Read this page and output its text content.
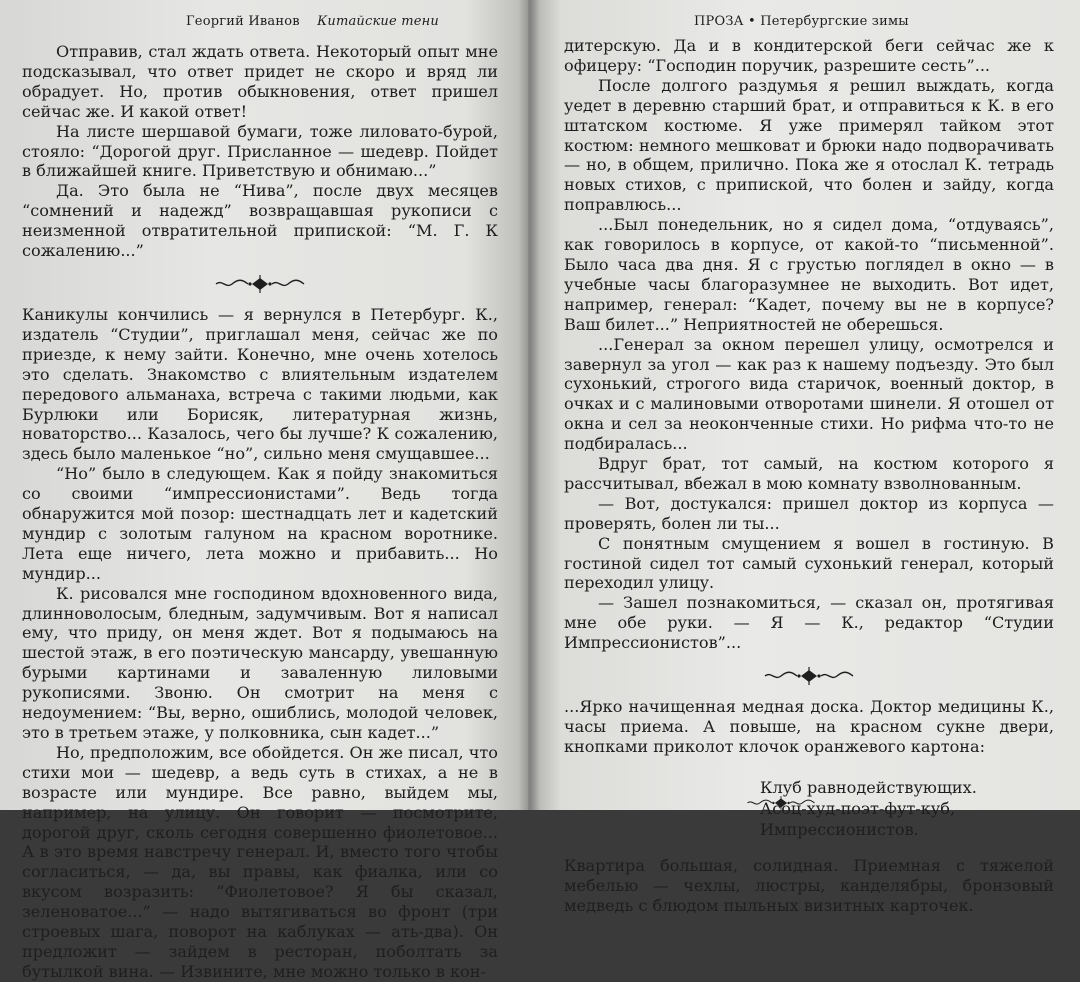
Георгий Иванов Китайские тени

Отправив, стал ждать ответа. Некоторый опыт мне подсказывал, что ответ придет не скоро и вряд ли обрадует. Но, против обыкновения, ответ пришел сейчас же. И какой ответ!

На листе шершавой бумаги, тоже лиловато-бурой, стояло: “Дорогой друг. Присланное — шедевр. Пойдет в ближайшей книге. Приветствую и обнимаю...”

Да. Это была не “Нива”, после двух месяцев “сомнений и надежд” возвращавшая рукописи с неизменной отвратительной припиской: “М. Г. К сожалению...”

Каникулы кончились — я вернулся в Петербург. К., издатель “Студии”, приглашал меня, сейчас же по приезде, к нему зайти. Конечно, мне очень хотелось это сделать. Знакомство с влиятельным издателем передового альманаха, встреча с такими людьми, как Бурлюки или Борисяк, литературная жизнь, новаторство... Казалось, чего бы лучше? К сожалению, здесь было маленькое “но”, сильно меня смущавшее...

“Но” было в следующем. Как я пойду знакомиться со своими “импрессионистами”. Ведь тогда обнаружится мой позор: шестнадцать лет и кадетский мундир с золотым галуном на красном воротнике. Лета еще ничего, лета можно и прибавить... Но мундир...

К. рисовался мне господином вдохновенного вида, длинноволосым, бледным, задумчивым. Вот я написал ему, что приду, он меня ждет. Вот я подымаюсь на шестой этаж, в его поэтическую мансарду, увешанную бурыми картинами и заваленную лиловыми рукописями. Звоню. Он смотрит на меня с недоумением: “Вы, верно, ошиблись, молодой человек, это в третьем этаже, у полковника, сын кадет...”

Но, предположим, все обойдется. Он же писал, что стихи мои — шедевр, а ведь суть в стихах, а не в возрасте или мундире. Все равно, выйдем мы, например, на улицу. Он говорит — посмотрите, дорогой друг, сколь сегодня совершенно фиолетовое... А в это время навстречу генерал. И, вместо того чтобы согласиться, — да, вы правы, как фиалка, или со вкусом возразить: “Фиолетовое? Я бы сказал, зеленоватое...” — надо вытягиваться во фронт (три строевых шага, поворот на каблуках — ать-два). Он предложит — зайдем в ресторан, поболтать за бутылкой вина. — Извините, мне можно только в кон-

ПРОЗА • Петербургские зимы

дитерскую. Да и в кондитерской беги сейчас же к офицеру: “Господин поручик, разрешите сесть”...

После долгого раздумья я решил выждать, когда уедет в деревню старший брат, и отправиться к К. в его штатском костюме. Я уже примерял тайком этот костюм: немного мешковат и брюки надо подворачивать — но, в общем, прилично. Пока же я отослал К. тетрадь новых стихов, с припиской, что болен и зайду, когда поправлюсь...

...Был понедельник, но я сидел дома, “отдуваясь”, как говорилось в корпусе, от какой-то “письменной”. Было часа два дня. Я с грустью поглядел в окно — в учебные часы благоразумнее не выходить. Вот идет, например, генерал: “Кадет, почему вы не в корпусе? Ваш билет...” Неприятностей не оберешься.

...Генерал за окном перешел улицу, осмотрелся и завернул за угол — как раз к нашему подъезду. Это был сухонький, строгого вида старичок, военный доктор, в очках и с малиновыми отворотами шинели. Я отошел от окна и сел за неоконченные стихи. Но рифма что-то не подбиралась...

Вдруг брат, тот самый, на костюм которого я рассчитывал, вбежал в мою комнату взволнованным.

— Вот, достукался: пришел доктор из корпуса — проверять, болен ли ты...

С понятным смущением я вошел в гостиную. В гостиной сидел тот самый сухонький генерал, который переходил улицу.

— Зашел познакомиться, — сказал он, протягивая мне обе руки. — Я — К., редактор “Студии Импрессионистов”...

...Ярко начищенная медная доска. Доктор медицины К., часы приема. А повыше, на красном сукне двери, кнопками приколот клочок оранжевого картона:

Клуб равнодействующих.
Асоц-худ-поэт-фут-куб,
Импрессионистов.

Квартира большая, солидная. Приемная с тяжелой мебелью — чехлы, люстры, канделябры, бронзовый медведь с блюдом пыльных визитных карточек.
